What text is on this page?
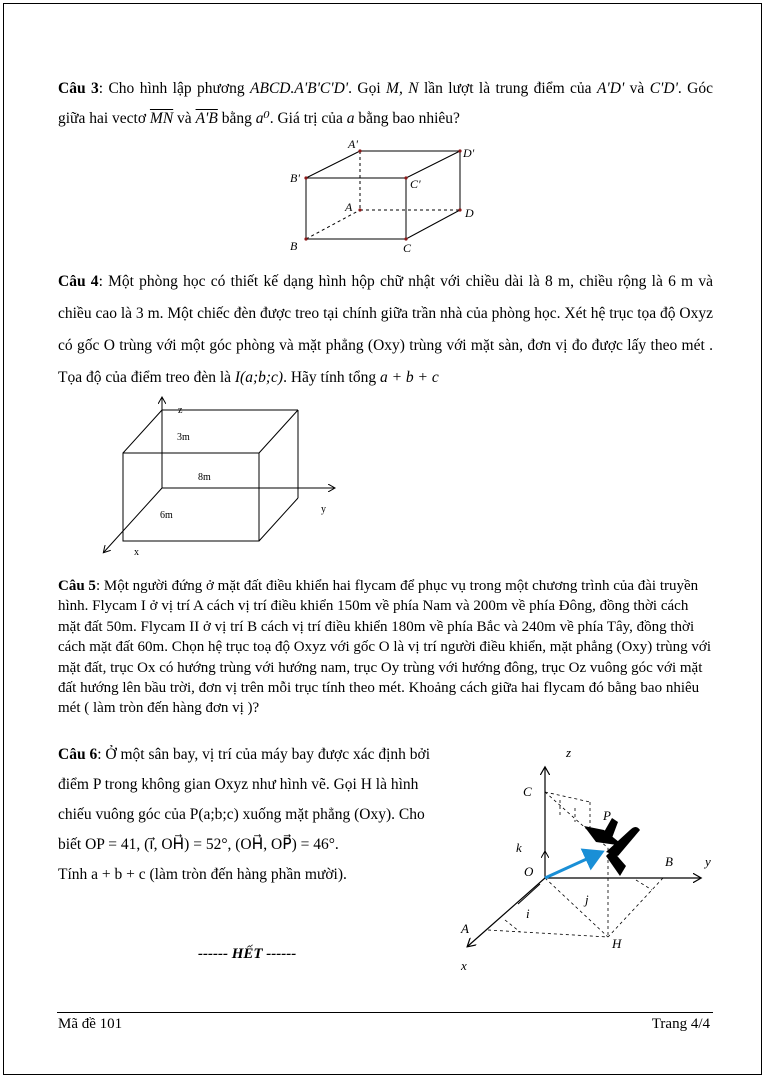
Câu 3: Cho hình lập phương ABCD.A'B'C'D'. Gọi M, N lần lượt là trung điểm của A'D' và C'D'. Góc giữa hai vectơ $\overline{MN}$ và A'B bằng a⁰. Giá trị của a bằng bao nhiêu?
A'
D'
B'	C'
A	D
B	C
Câu 4: Một phòng học có thiết kế dạng hình hộp chữ nhật với chiều dài là 8 m, chiều rộng là 6 m và chiều cao là 3 m. Một chiếc đèn được treo tại chính giữa trần nhà của phòng học. Xét hệ trục tọa độ Oxyz có gốc O trùng với một góc phòng và mặt phẳng (Oxy) trùng với mặt sàn, đơn vị đo được lấy theo mét . Tọa độ của điểm treo đèn là I(a;b;c). Hãy tính tổng a + b + c
z
3m
8m
6m
y
x
Câu 5: Một người đứng ở mặt đất điều khiển hai flycam để phục vụ trong một chương trình của đài truyền hình. Flycam I ở vị trí A cách vị trí điều khiển 150m về phía Nam và 200m về phía Đông, đồng thời cách mặt đất 50m. Flycam II ở vị trí B cách vị trí điều khiển 180m về phía Bắc và 240m về phía Tây, đồng thời cách mặt đất 60m. Chọn hệ trục toạ độ Oxyz với gốc O là vị trí người điều khiển, mặt phẳng (Oxy) trùng với mặt đất, trục Ox có hướng trùng với hướng nam, trục Oy trùng với hướng đông, trục Oz vuông góc với mặt đất hướng lên bầu trời, đơn vị trên mỗi trục tính theo mét. Khoảng cách giữa hai flycam đó bằng bao nhiêu mét ( làm tròn đến hàng đơn vị )?
Câu 6: Ở một sân bay, vị trí của máy bay được xác định bởi điểm P trong không gian Oxyz như hình vẽ. Gọi H là hình chiếu vuông góc của P(a;b;c) xuống mặt phẳng (Oxy). Cho biết OP = 41, (i⃗, OH⃗) = 52°, (OH⃗, OP⃗) = 46°.
Tính a + b + c (làm tròn đến hàng phần mười).
z
C
P
k⃗
O
B y
j⃗
i⃗
A
H
x
------ HẾT ------
Mã đề 101	Trang 4/4
